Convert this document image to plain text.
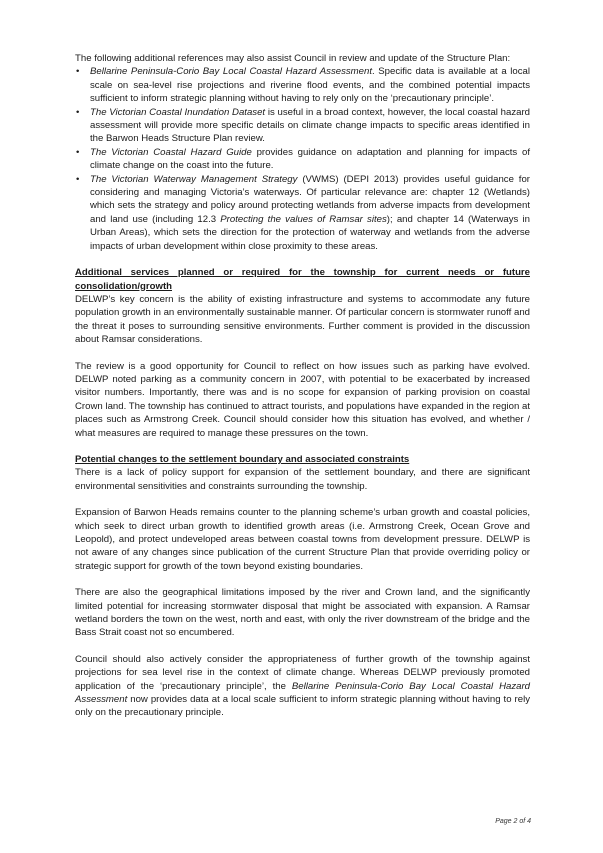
The following additional references may also assist Council in review and update of the Structure Plan:

• Bellarine Peninsula-Corio Bay Local Coastal Hazard Assessment. Specific data is available at a local scale on sea-level rise projections and riverine flood events, and the combined potential impacts sufficient to inform strategic planning without having to rely only on the ‘precautionary principle’.
• The Victorian Coastal Inundation Dataset is useful in a broad context, however, the local coastal hazard assessment will provide more specific details on climate change impacts to specific areas identified in the Barwon Heads Structure Plan review.
• The Victorian Coastal Hazard Guide provides guidance on adaptation and planning for impacts of climate change on the coast into the future.
• The Victorian Waterway Management Strategy (VWMS) (DEPI 2013) provides useful guidance for considering and managing Victoria’s waterways. Of particular relevance are: chapter 12 (Wetlands) which sets the strategy and policy around protecting wetlands from adverse impacts from development and land use (including 12.3 Protecting the values of Ramsar sites); and chapter 14 (Waterways in Urban Areas), which sets the direction for the protection of waterway and wetlands from the adverse impacts of urban development within close proximity to these areas.

Additional services planned or required for the township for current needs or future consolidation/growth

DELWP’s key concern is the ability of existing infrastructure and systems to accommodate any future population growth in an environmentally sustainable manner. Of particular concern is stormwater runoff and the threat it poses to surrounding sensitive environments. Further comment is provided in the discussion about Ramsar considerations.

The review is a good opportunity for Council to reflect on how issues such as parking have evolved. DELWP noted parking as a community concern in 2007, with potential to be exacerbated by increased visitor numbers. Importantly, there was and is no scope for expansion of parking provision on coastal Crown land. The township has continued to attract tourists, and populations have expanded in the region at places such as Armstrong Creek. Council should consider how this situation has evolved, and whether / what measures are required to manage these pressures on the town.

Potential changes to the settlement boundary and associated constraints

There is a lack of policy support for expansion of the settlement boundary, and there are significant environmental sensitivities and constraints surrounding the township.

Expansion of Barwon Heads remains counter to the planning scheme’s urban growth and coastal policies, which seek to direct urban growth to identified growth areas (i.e. Armstrong Creek, Ocean Grove and Leopold), and protect undeveloped areas between coastal towns from development pressure. DELWP is not aware of any changes since publication of the current Structure Plan that provide overriding policy or strategic support for growth of the town beyond existing boundaries.

There are also the geographical limitations imposed by the river and Crown land, and the significantly limited potential for increasing stormwater disposal that might be associated with expansion. A Ramsar wetland borders the town on the west, north and east, with only the river downstream of the bridge and the Bass Strait coast not so encumbered.

Council should also actively consider the appropriateness of further growth of the township against projections for sea level rise in the context of climate change. Whereas DELWP previously promoted application of the ‘precautionary principle’, the Bellarine Peninsula-Corio Bay Local Coastal Hazard Assessment now provides data at a local scale sufficient to inform strategic planning without having to rely only on the precautionary principle.

Page 2 of 4
